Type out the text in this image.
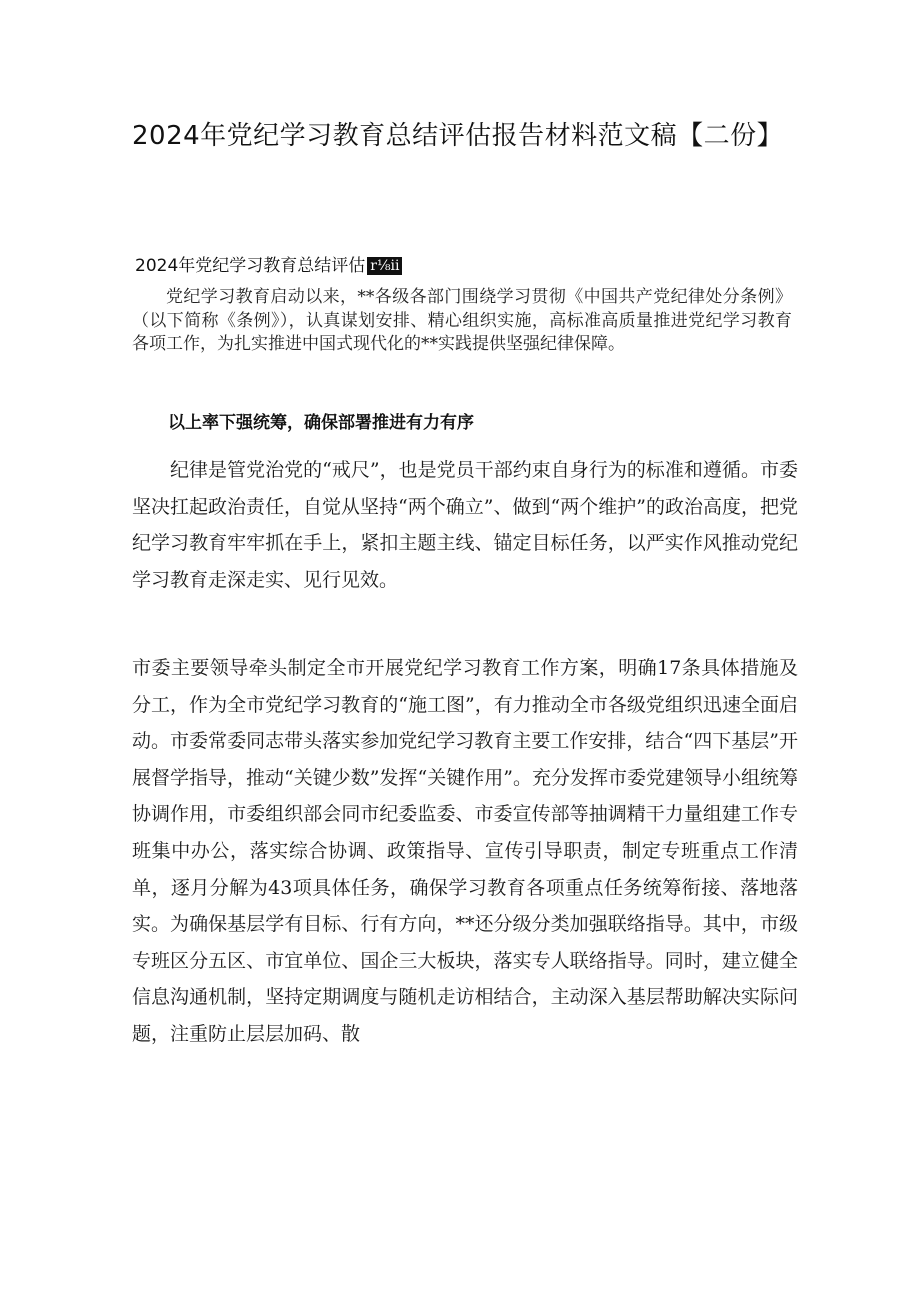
2024年党纪学习教育总结评估报告材料范文稿【二份】
2024年党纪学习教育总结评估 r⅛ii

党纪学习教育启动以来，**各级各部门围绕学习贯彻《中国共产党纪律处分条例》（以下简称《条例》），认真谋划安排、精心组织实施，高标准高质量推进党纪学习教育各项工作，为扎实推进中国式现代化的**实践提供坚强纪律保障。

以上率下强统筹，确保部署推进有力有序

纪律是管党治党的“戒尺”，也是党员干部约束自身行为的标准和遵循。市委坚决扛起政治责任，自觉从坚持“两个确立”、做到“两个维护”的政治高度，把党纪学习教育牢牢抓在手上，紧扣主题主线、锚定目标任务，以严实作风推动党纪学习教育走深走实、见行见效。

市委主要领导牵头制定全市开展党纪学习教育工作方案，明确17条具体措施及分工，作为全市党纪学习教育的“施工图”，有力推动全市各级党组织迅速全面启动。市委常委同志带头落实参加党纪学习教育主要工作安排，结合“四下基层”开展督学指导，推动“关键少数”发挥“关键作用”。充分发挥市委党建领导小组统筹协调作用，市委组织部会同市纪委监委、市委宣传部等抽调精干力量组建工作专班集中办公，落实综合协调、政策指导、宣传引导职责，制定专班重点工作清单，逐月分解为43项具体任务，确保学习教育各项重点任务统筹衔接、落地落实。为确保基层学有目标、行有方向，**还分级分类加强联络指导。其中，市级专班区分五区、市宜单位、国企三大板块，落实专人联络指导。同时，建立健全信息沟通机制，坚持定期调度与随机走访相结合，主动深入基层帮助解决实际问题，注重防止层层加码、散
